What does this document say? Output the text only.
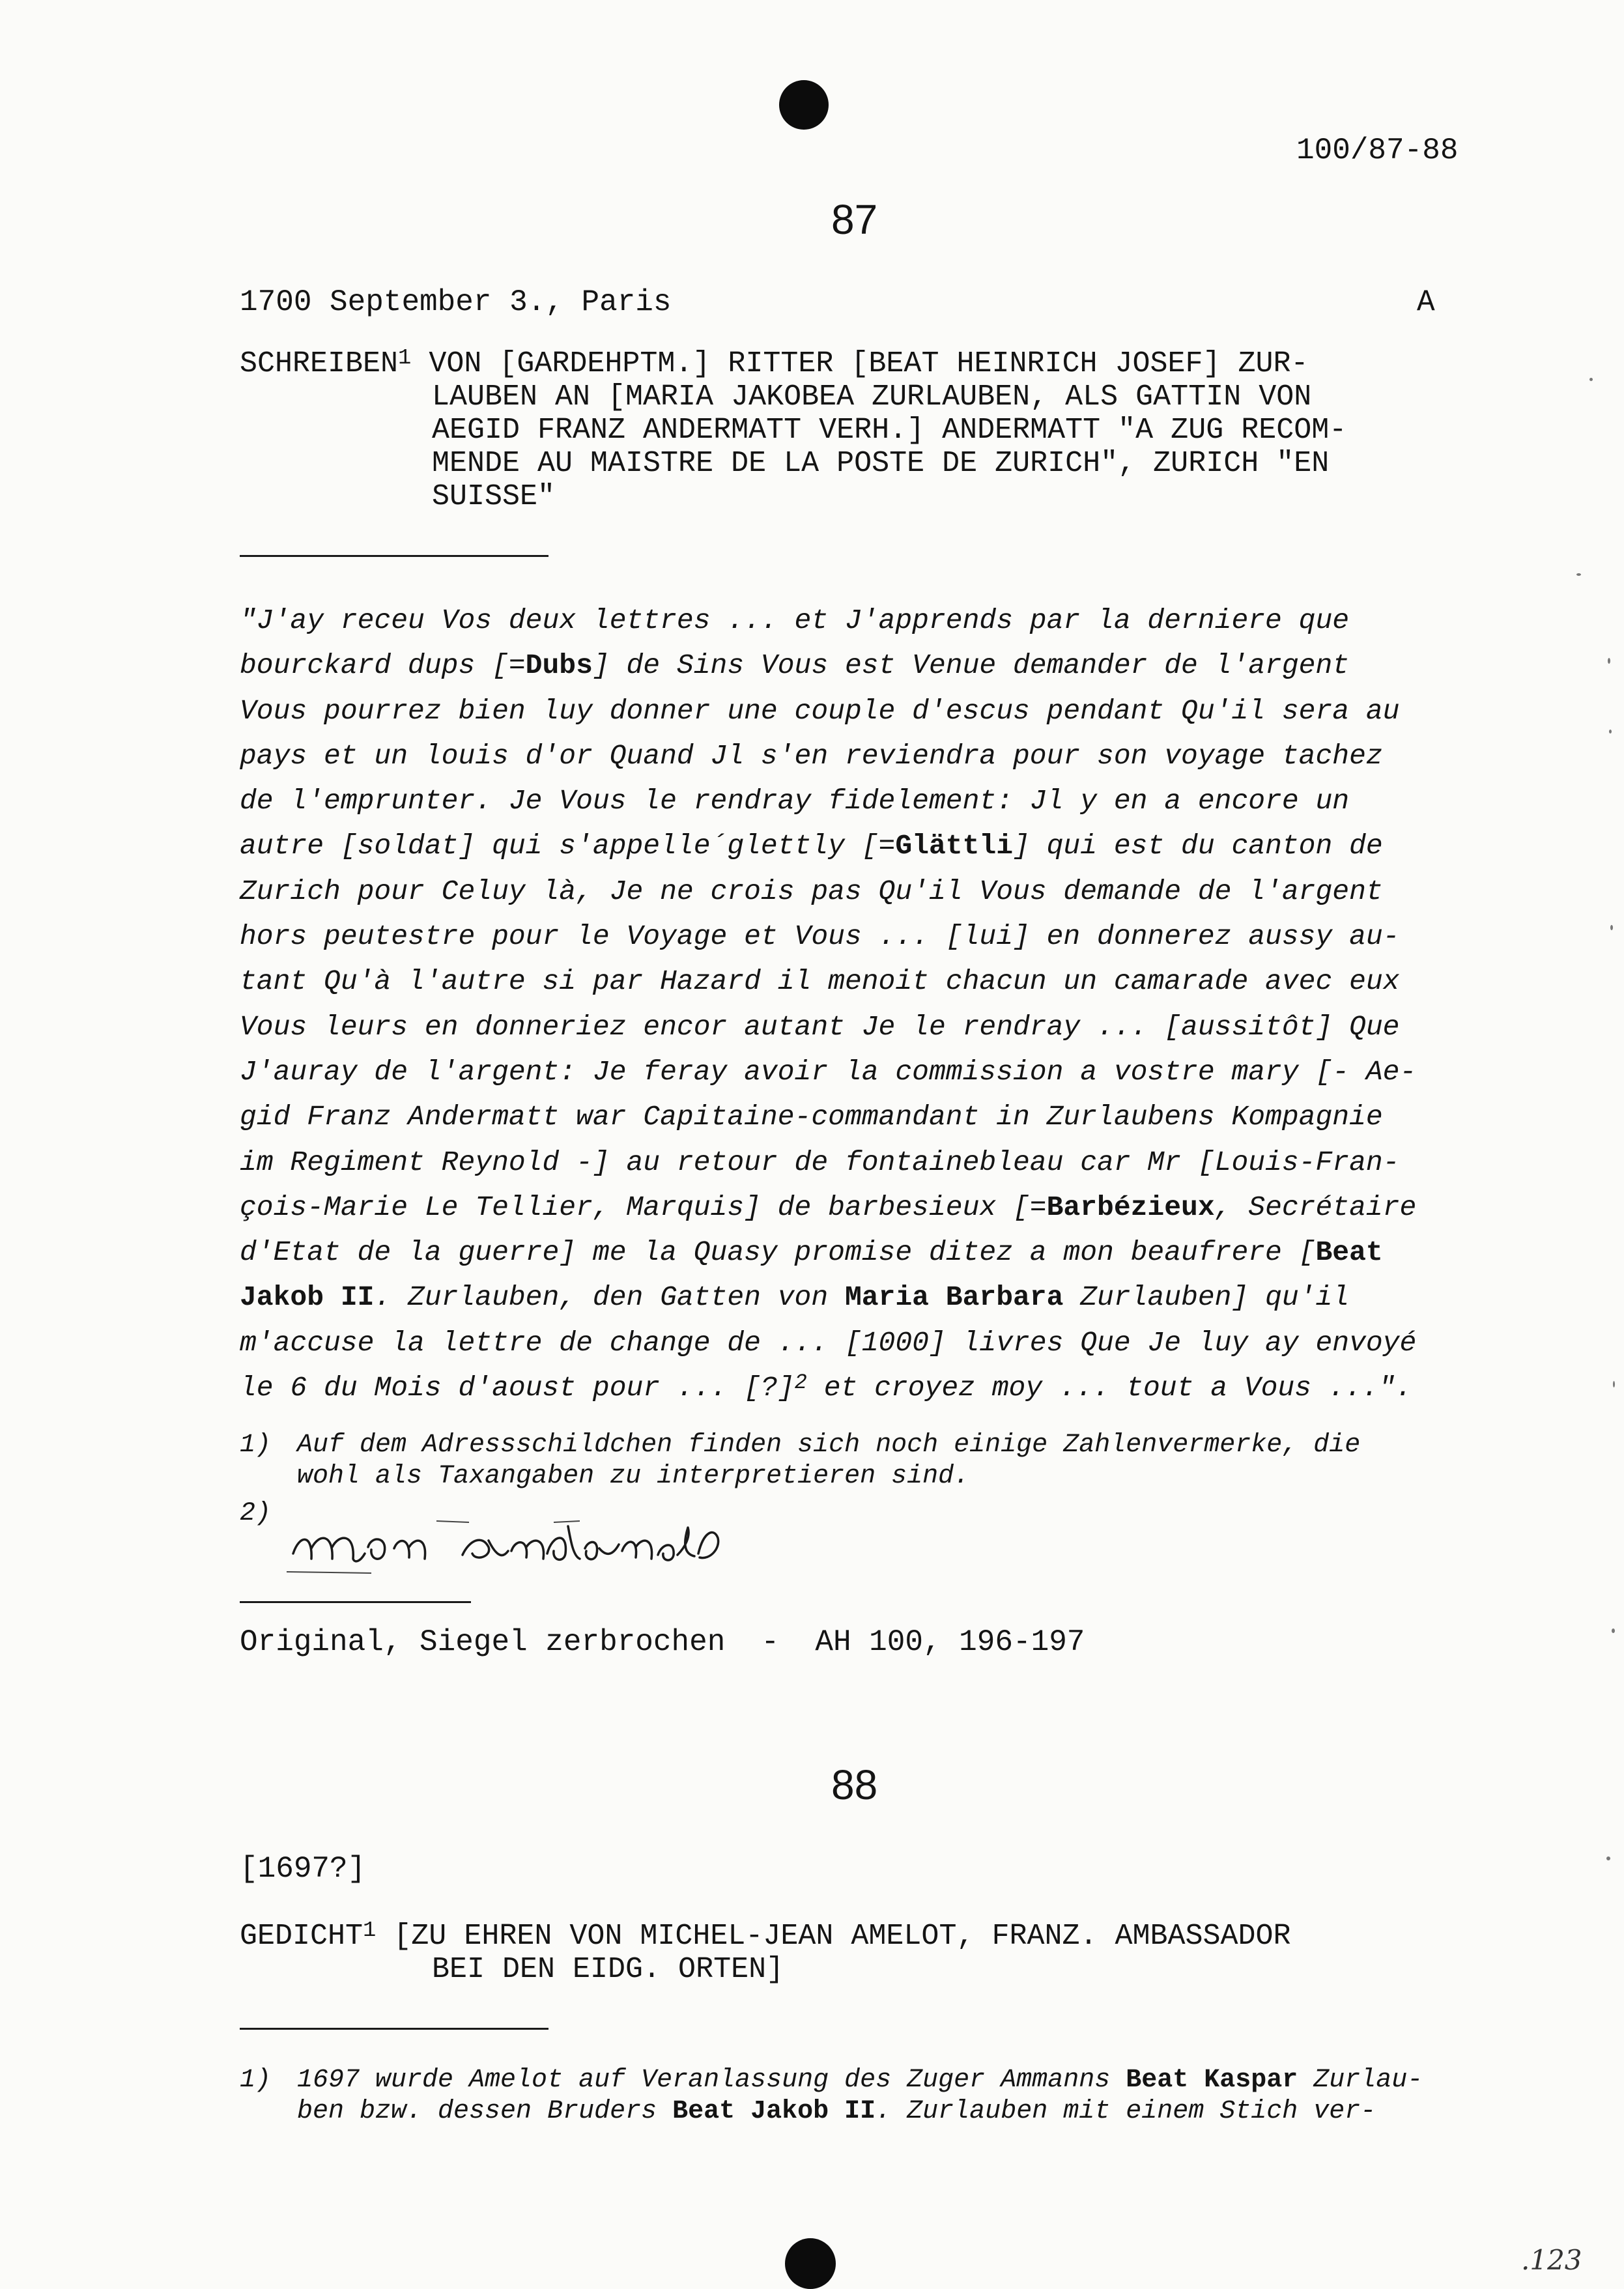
100/87-88
87
1700 September 3., Paris	A
SCHREIBEN$^1$ VON [GARDEHPTM.] RITTER [BEAT HEINRICH JOSEF] ZUR-
LAUBEN AN [MARIA JAKOBEA ZURLAUBEN, ALS GATTIN VON
AEGID FRANZ ANDERMATT VERH.] ANDERMATT "A ZUG RECOM-
MENDE AU MAISTRE DE LA POSTE DE ZURICH", ZURICH "EN
SUISSE"
"J'ay receu Vos deux lettres ... et J'apprends par la derniere que
bourckard dups [=Dubs] de Sins Vous est Venue demander de l'argent
Vous pourrez bien luy donner une couple d'escus pendant Qu'il sera au
pays et un louis d'or Quand Jl s'en reviendra pour son voyage tachez
de l'emprunter. Je Vous le rendray fidelement: Jl y en a encore un
autre [soldat] qui s'appelle´glettly [=Glättli] qui est du canton de
Zurich pour Celuy là, Je ne crois pas Qu'il Vous demande de l'argent
hors peutestre pour le Voyage et Vous ... [lui] en donnerez aussy au-
tant Qu'à l'autre si par Hazard il menoit chacun un camarade avec eux
Vous leurs en donneriez encor autant Je le rendray ... [aussitôt] Que
J'auray de l'argent: Je feray avoir la commission a vostre mary [- Ae-
gid Franz Andermatt war Capitaine-commandant in Zurlaubens Kompagnie
im Regiment Reynold -] au retour de fontainebleau car Mr [Louis-Fran-
çois-Marie Le Tellier, Marquis] de barbesieux [=Barbézieux, Secrétaire
d'Etat de la guerre] me la Quasy promise ditez a mon beaufrere [Beat
Jakob II. Zurlauben, den Gatten von Maria Barbara Zurlauben] qu'il
m'accuse la lettre de change de ... [1000] livres Que Je luy ay envoyé
le 6 du Mois d'aoust pour ... [?]$^2$ et croyez moy ... tout a Vous ...".
1) Auf dem Adressschildchen finden sich noch einige Zahlenvermerke, die
wohl als Taxangaben zu interpretieren sind.
2)	mon andermatt
Original, Siegel zerbrochen  -  AH 100, 196-197
88
[1697?]
GEDICHT$^1$ [ZU EHREN VON MICHEL-JEAN AMELOT, FRANZ. AMBASSADOR
BEI DEN EIDG. ORTEN]
1) 1697 wurde Amelot auf Veranlassung des Zuger Ammanns Beat Kaspar Zurlau-
ben bzw. dessen Bruders Beat Jakob II. Zurlauben mit einem Stich ver-
.123
